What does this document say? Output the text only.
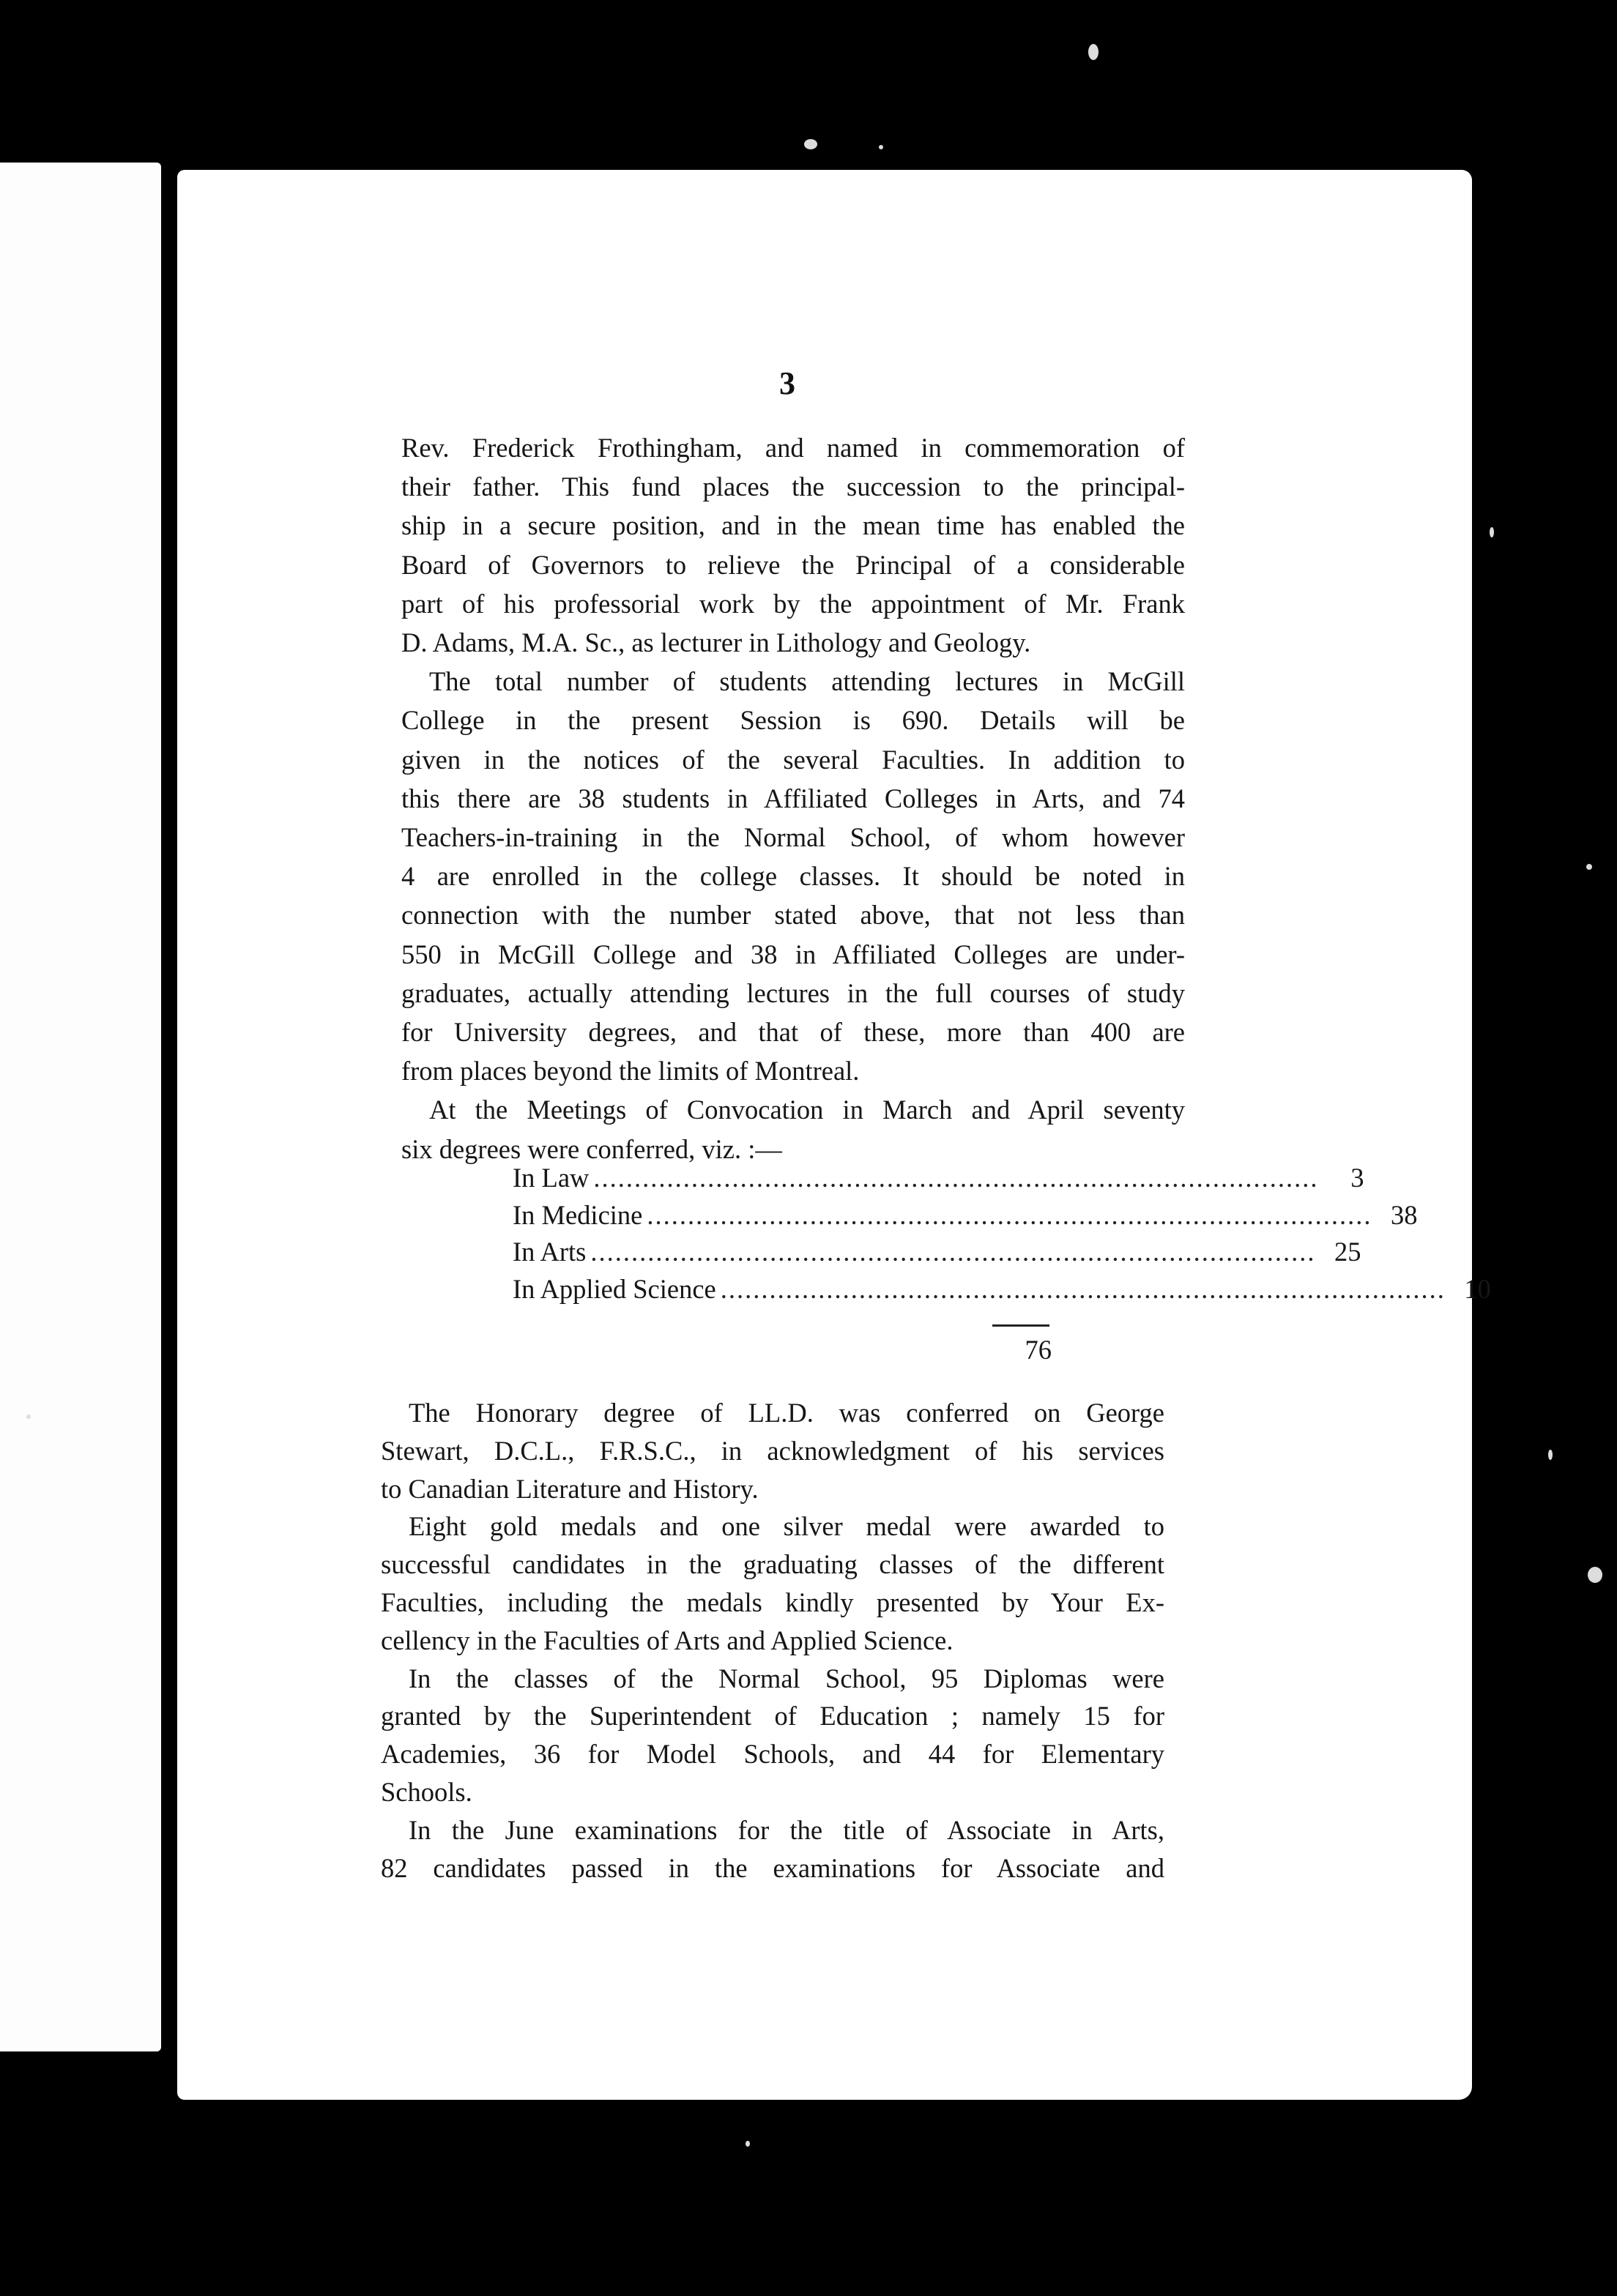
3
Rev. Frederick Frothingham, and named in commemoration of
their father. This fund places the succession to the principal-
ship in a secure position, and in the mean time has enabled the
Board of Governors to relieve the Principal of a considerable
part of his professorial work by the appointment of Mr. Frank
D. Adams, M.A. Sc., as lecturer in Lithology and Geology.
The total number of students attending lectures in McGill
College in the present Session is 690. Details will be
given in the notices of the several Faculties. In addition to
this there are 38 students in Affiliated Colleges in Arts, and 74
Teachers-in-training in the Normal School, of whom however
4 are enrolled in the college classes. It should be noted in
connection with the number stated above, that not less than
550 in McGill College and 38 in Affiliated Colleges are under-
graduates, actually attending lectures in the full courses of study
for University degrees, and that of these, more than 400 are
from places beyond the limits of Montreal.
At the Meetings of Convocation in March and April seventy
six degrees were conferred, viz. :—
In Law .........................................................................................	3
In Medicine ......................................................................................... 38
In Arts ......................................................................................... 25
In Applied Science ......................................................................................... 10
76
The Honorary degree of LL.D. was conferred on George
Stewart, D.C.L., F.R.S.C., in acknowledgment of his services
to Canadian Literature and History.
Eight gold medals and one silver medal were awarded to
successful candidates in the graduating classes of the different
Faculties, including the medals kindly presented by Your Ex-
cellency in the Faculties of Arts and Applied Science.
In the classes of the Normal School, 95 Diplomas were
granted by the Superintendent of Education ; namely 15 for
Academies, 36 for Model Schools, and 44 for Elementary
Schools.
In the June examinations for the title of Associate in Arts,
82 candidates passed in the examinations for Associate and
